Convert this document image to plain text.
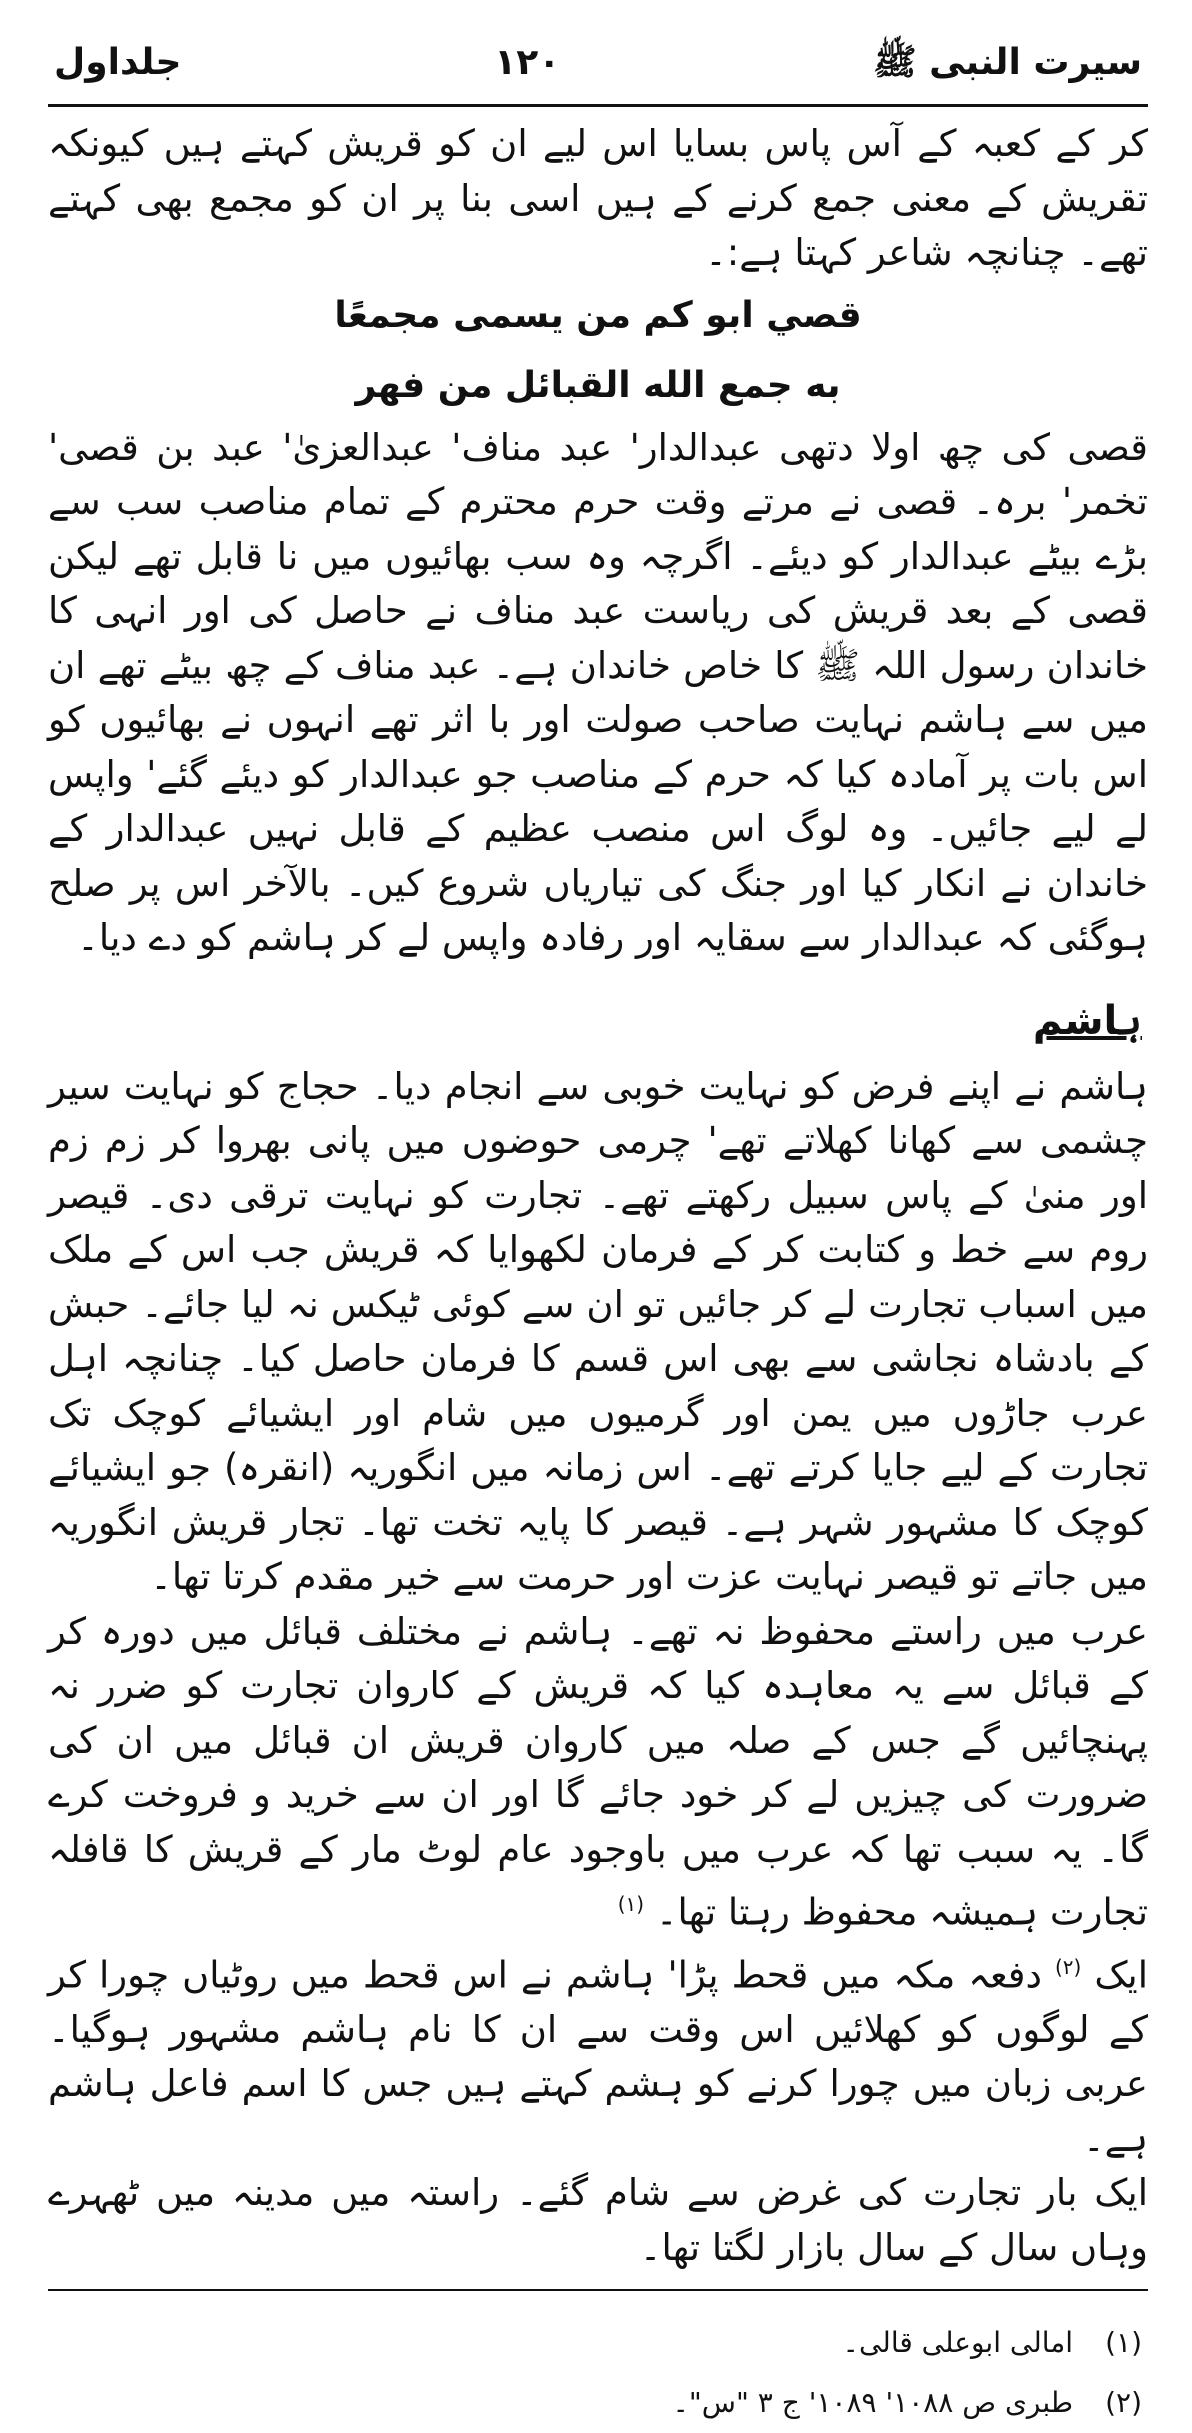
سیرت النبی ﷺ
۱۲۰
جلداول

کر کے کعبہ کے آس پاس بسایا اس لیے ان کو قریش کہتے ہیں کیونکہ تقریش کے معنی جمع کرنے کے ہیں اسی بنا پر ان کو مجمع بھی کہتے تھے۔ چنانچہ شاعر کہتا ہے:۔

قصي ابو کم من يسمی مجمعًا

به جمع الله القبائل من فهر

قصی کی چھ اولا دتھی عبدالدار' عبد مناف' عبدالعزیٰ' عبد بن قصی' تخمر' برہ۔ قصی نے مرتے وقت حرم محترم کے تمام مناصب سب سے بڑے بیٹے عبدالدار کو دیئے۔ اگرچہ وہ سب بھائیوں میں نا قابل تھے لیکن قصی کے بعد قریش کی ریاست عبد مناف نے حاصل کی اور انہی کا خاندان رسول اللہ ﷺ کا خاص خاندان ہے۔ عبد مناف کے چھ بیٹے تھے ان میں سے ہاشم نہایت صاحب صولت اور با اثر تھے انہوں نے بھائیوں کو اس بات پر آمادہ کیا کہ حرم کے مناصب جو عبدالدار کو دیئے گئے' واپس لے لیے جائیں۔ وہ لوگ اس منصب عظیم کے قابل نہیں عبدالدار کے خاندان نے انکار کیا اور جنگ کی تیاریاں شروع کیں۔ بالآخر اس پر صلح ہوگئی کہ عبدالدار سے سقایہ اور رفادہ واپس لے کر ہاشم کو دے دیا۔

ہاشم

ہاشم نے اپنے فرض کو نہایت خوبی سے انجام دیا۔ حجاج کو نہایت سیر چشمی سے کھانا کھلاتے تھے' چرمی حوضوں میں پانی بھروا کر زم زم اور منیٰ کے پاس سبیل رکھتے تھے۔ تجارت کو نہایت ترقی دی۔ قیصر روم سے خط و کتابت کر کے فرمان لکھوایا کہ قریش جب اس کے ملک میں اسباب تجارت لے کر جائیں تو ان سے کوئی ٹیکس نہ لیا جائے۔ حبش کے بادشاہ نجاشی سے بھی اس قسم کا فرمان حاصل کیا۔ چنانچہ اہل عرب جاڑوں میں یمن اور گرمیوں میں شام اور ایشیائے کوچک تک تجارت کے لیے جایا کرتے تھے۔ اس زمانہ میں انگوریہ (انقرہ) جو ایشیائے کوچک کا مشہور شہر ہے۔ قیصر کا پایہ تخت تھا۔ تجار قریش انگوریہ میں جاتے تو قیصر نہایت عزت اور حرمت سے خیر مقدم کرتا تھا۔

عرب میں راستے محفوظ نہ تھے۔ ہاشم نے مختلف قبائل میں دورہ کر کے قبائل سے یہ معاہدہ کیا کہ قریش کے کاروان تجارت کو ضرر نہ پہنچائیں گے جس کے صلہ میں کاروان قریش ان قبائل میں ان کی ضرورت کی چیزیں لے کر خود جائے گا اور ان سے خرید و فروخت کرے گا۔ یہ سبب تھا کہ عرب میں باوجود عام لوٹ مار کے قریش کا قافلہ تجارت ہمیشہ محفوظ رہتا تھا۔ $^{(۱)}$

ایک $^{(۲)}$ دفعہ مکہ میں قحط پڑا' ہاشم نے اس قحط میں روٹیاں چورا کر کے لوگوں کو کھلائیں اس وقت سے ان کا نام ہاشم مشہور ہوگیا۔ عربی زبان میں چورا کرنے کو ہشم کہتے ہیں جس کا اسم فاعل ہاشم ہے۔

ایک بار تجارت کی غرض سے شام گئے۔ راستہ میں مدینہ میں ٹھہرے وہاں سال کے سال بازار لگتا تھا۔

(۱)
امالی ابوعلی قالی۔
(۲)
طبری ص ۱۰۸۸' ۱۰۸۹' ج ۳ "س"۔
